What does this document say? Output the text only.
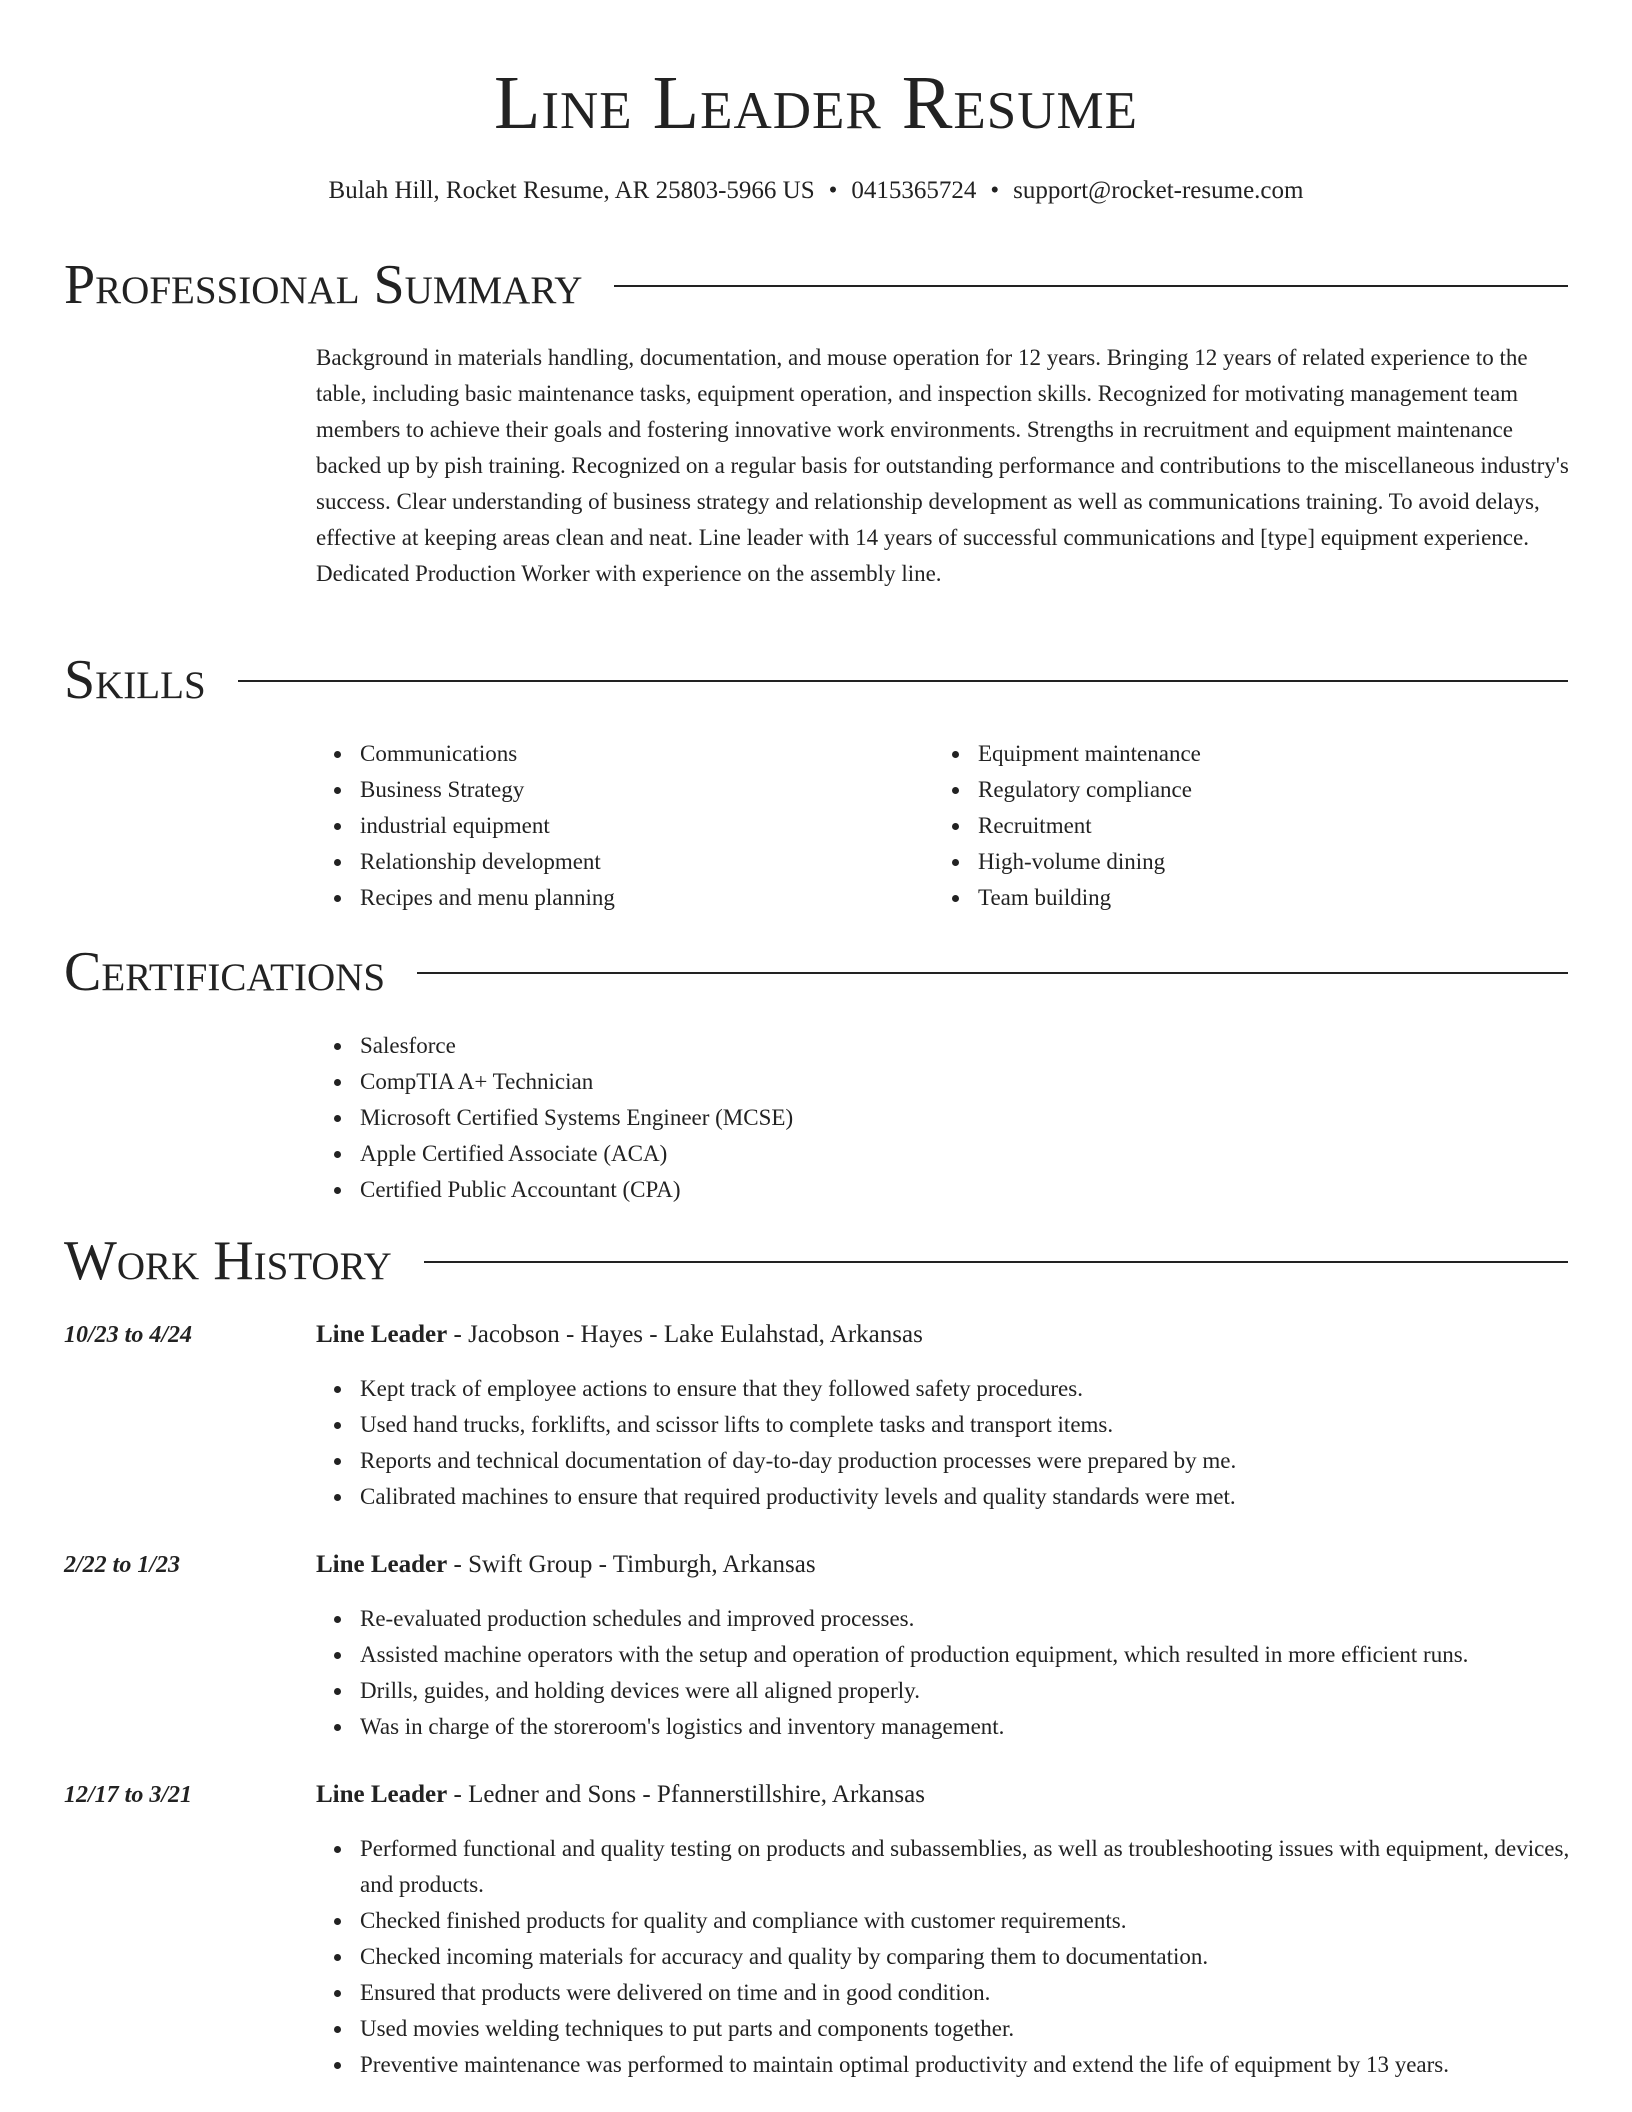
Line Leader Resume
Bulah Hill, Rocket Resume, AR 25803-5966 US • 0415365724 • support@rocket-resume.com
Professional Summary

Background in materials handling, documentation, and mouse operation for 12 years. Bringing 12 years of related experience to the table, including basic maintenance tasks, equipment operation, and inspection skills. Recognized for motivating management team members to achieve their goals and fostering innovative work environments. Strengths in recruitment and equipment maintenance backed up by pish training. Recognized on a regular basis for outstanding performance and contributions to the miscellaneous industry's success. Clear understanding of business strategy and relationship development as well as communications training. To avoid delays, effective at keeping areas clean and neat. Line leader with 14 years of successful communications and [type] equipment experience. Dedicated Production Worker with experience on the assembly line.

Skills
Communications
Business Strategy
industrial equipment
Relationship development
Recipes and menu planning
Equipment maintenance
Regulatory compliance
Recruitment
High-volume dining
Team building
Certifications
Salesforce
CompTIA A+ Technician
Microsoft Certified Systems Engineer (MCSE)
Apple Certified Associate (ACA)
Certified Public Accountant (CPA)
Work History
10/23 to 4/24	Line Leader - Jacobson - Hayes - Lake Eulahstad, Arkansas
Kept track of employee actions to ensure that they followed safety procedures.
Used hand trucks, forklifts, and scissor lifts to complete tasks and transport items.
Reports and technical documentation of day-to-day production processes were prepared by me.
Calibrated machines to ensure that required productivity levels and quality standards were met.
2/22 to 1/23	Line Leader - Swift Group - Timburgh, Arkansas
Re-evaluated production schedules and improved processes.
Assisted machine operators with the setup and operation of production equipment, which resulted in more efficient runs.
Drills, guides, and holding devices were all aligned properly.
Was in charge of the storeroom's logistics and inventory management.
12/17 to 3/21	Line Leader - Ledner and Sons - Pfannerstillshire, Arkansas
Performed functional and quality testing on products and subassemblies, as well as troubleshooting issues with equipment, devices, and products.
Checked finished products for quality and compliance with customer requirements.
Checked incoming materials for accuracy and quality by comparing them to documentation.
Ensured that products were delivered on time and in good condition.
Used movies welding techniques to put parts and components together.
Preventive maintenance was performed to maintain optimal productivity and extend the life of equipment by 13 years.
